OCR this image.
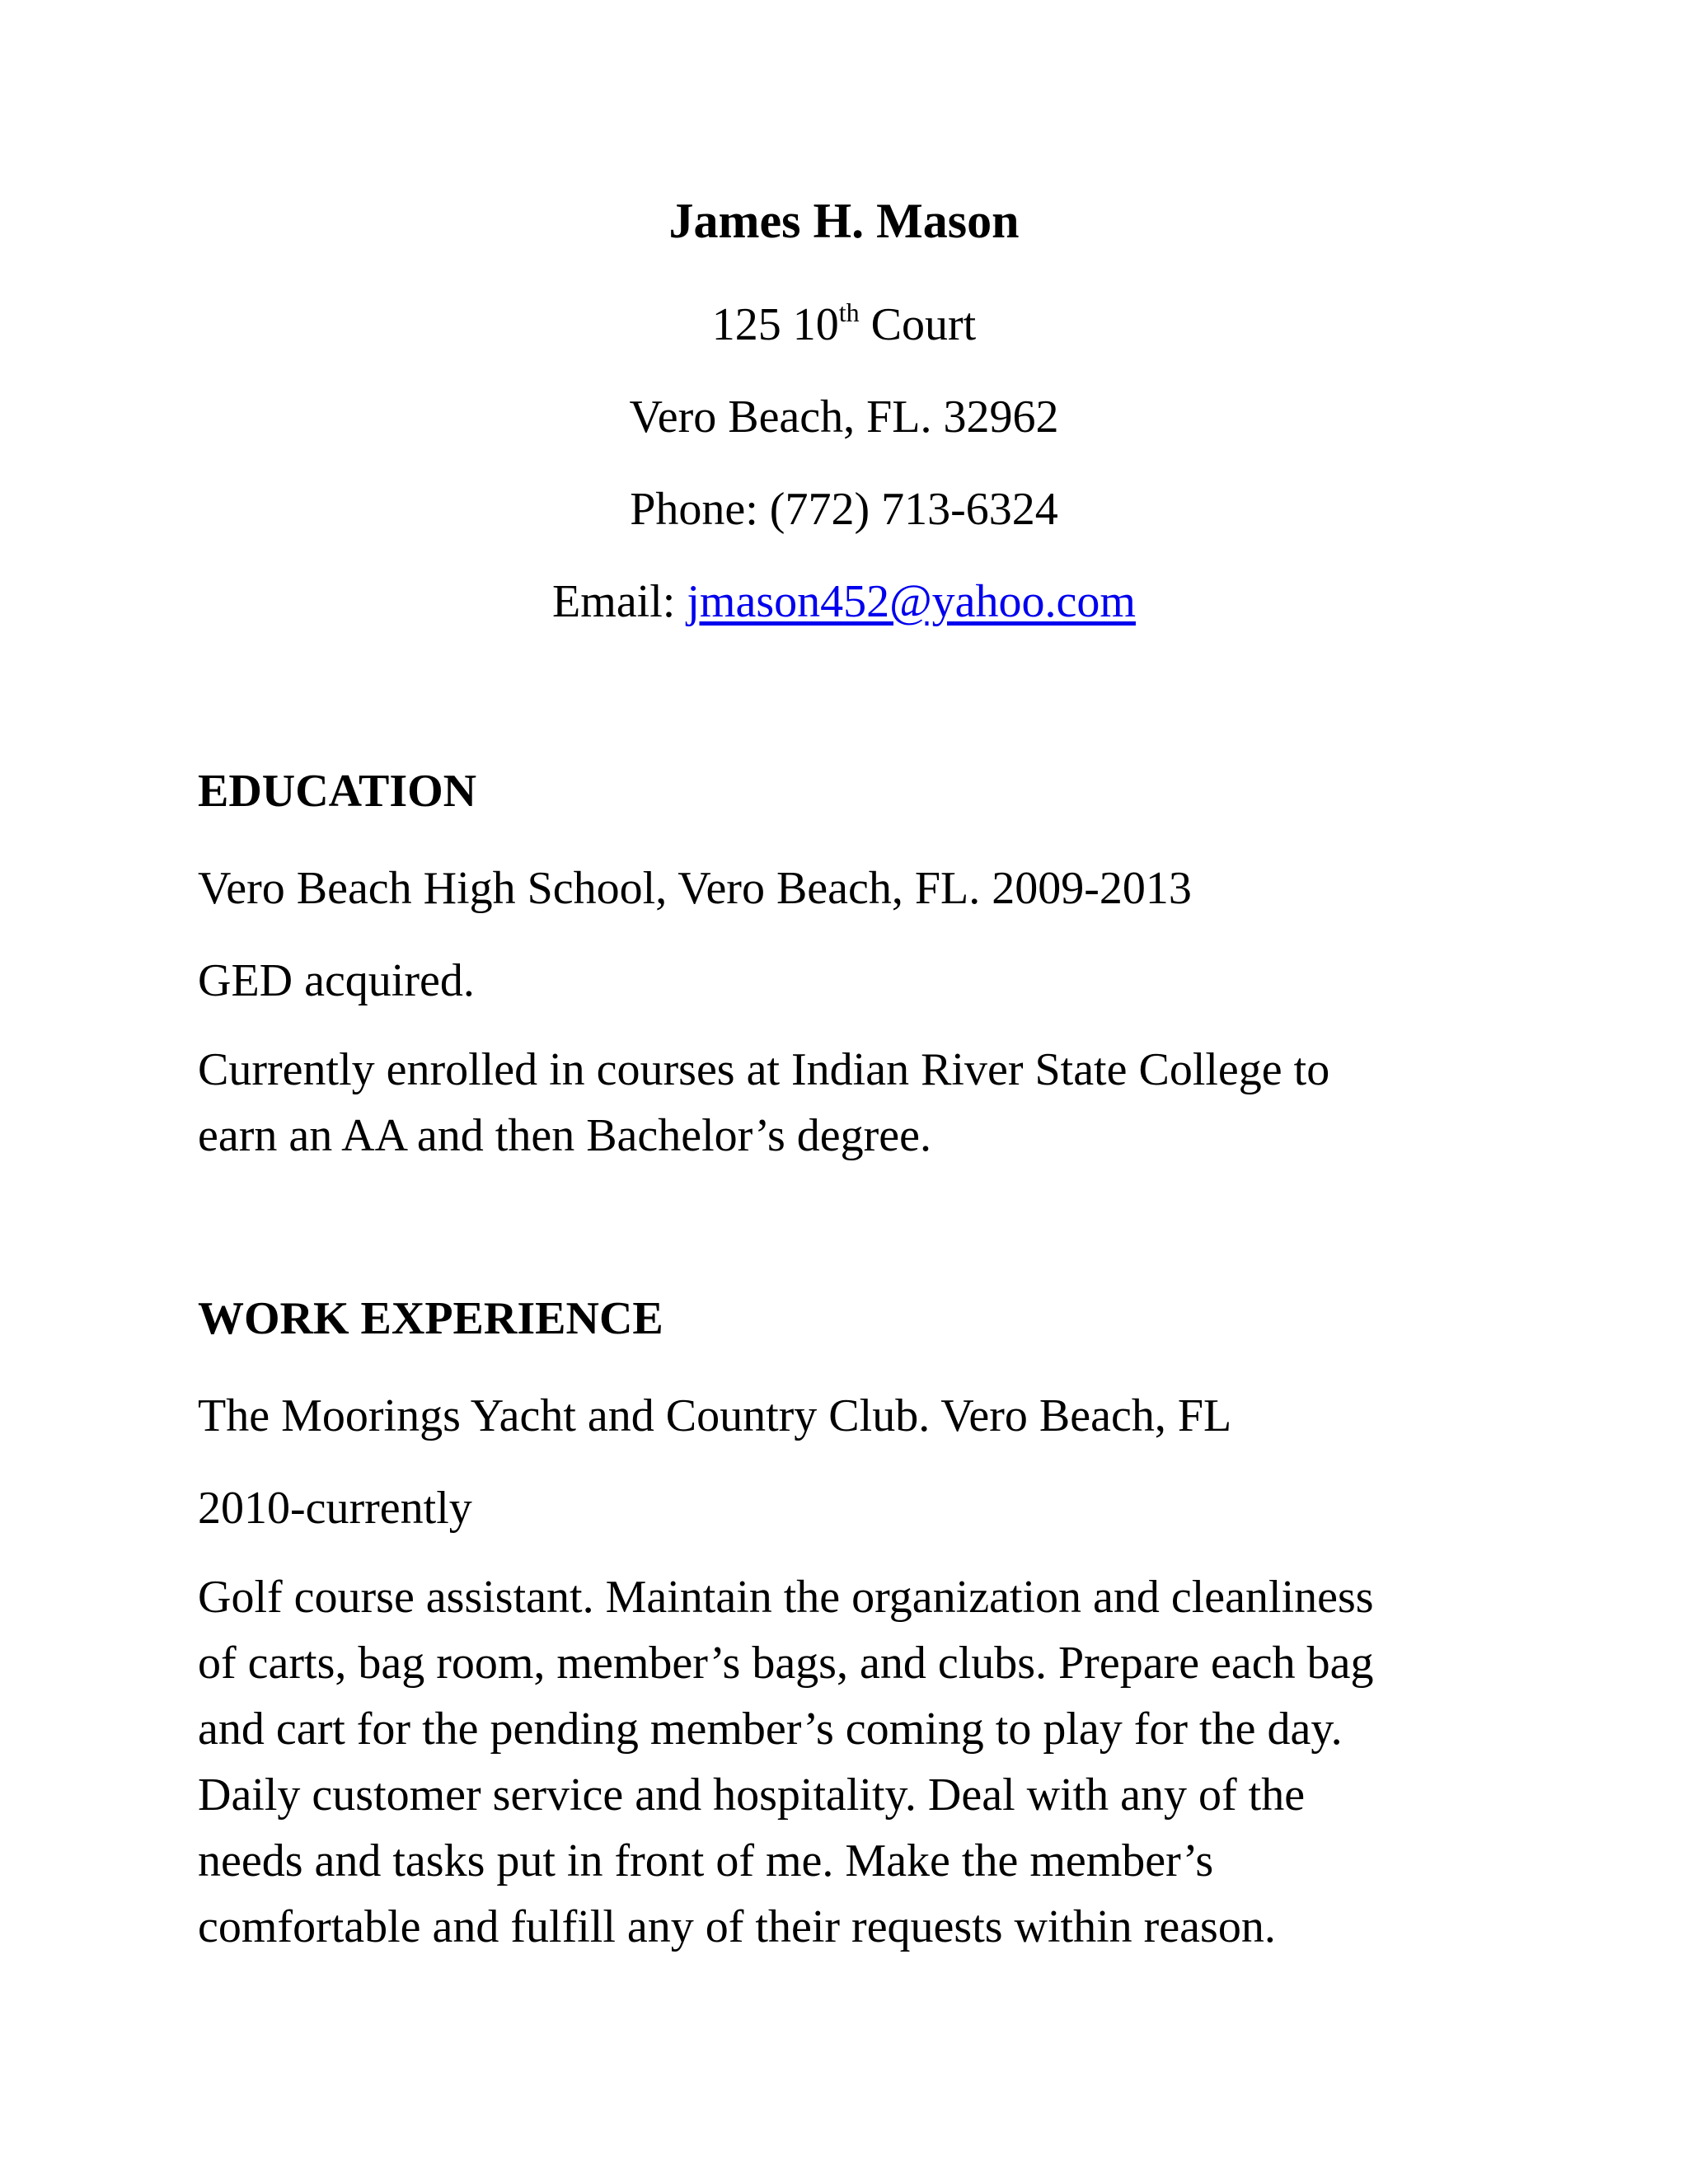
James H. Mason
125 10th Court
Vero Beach, FL. 32962
Phone: (772) 713-6324
Email: jmason452@yahoo.com
EDUCATION
Vero Beach High School, Vero Beach, FL. 2009-2013
GED acquired.
Currently enrolled in courses at Indian River State College to
earn an AA and then Bachelor’s degree.
WORK EXPERIENCE
The Moorings Yacht and Country Club. Vero Beach, FL
2010-currently
Golf course assistant. Maintain the organization and cleanliness
of carts, bag room, member’s bags, and clubs. Prepare each bag
and cart for the pending member’s coming to play for the day.
Daily customer service and hospitality. Deal with any of the
needs and tasks put in front of me. Make the member’s
comfortable and fulfill any of their requests within reason.
